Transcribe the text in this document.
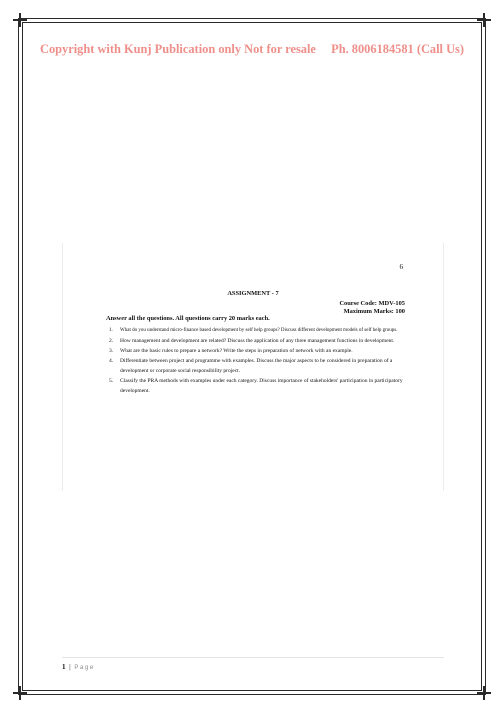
Copyright with Kunj Publication only Not for resale Ph. 8006184581 (Call Us)
6
ASSIGNMENT - 7
Course Code: MDV-105
Maximum Marks: 100
Answer all the questions. All questions carry 20 marks each.
1.	What do you understand micro-finance based development by self help groups? Discuss different development models of self help groups.
2.	How management and development are related? Discuss the application of any three management functions in development.
3.	What are the basic rules to prepare a network? Write the steps in preparation of network with an example.
4.	Differentiate between project and programme with examples. Discuss the major aspects to be considered in preparation of a development or corporate social responsibility project.
5.	Classify the PRA methods with examples under each category. Discuss importance of stakeholders' participation in participatory development.
1 | Page
